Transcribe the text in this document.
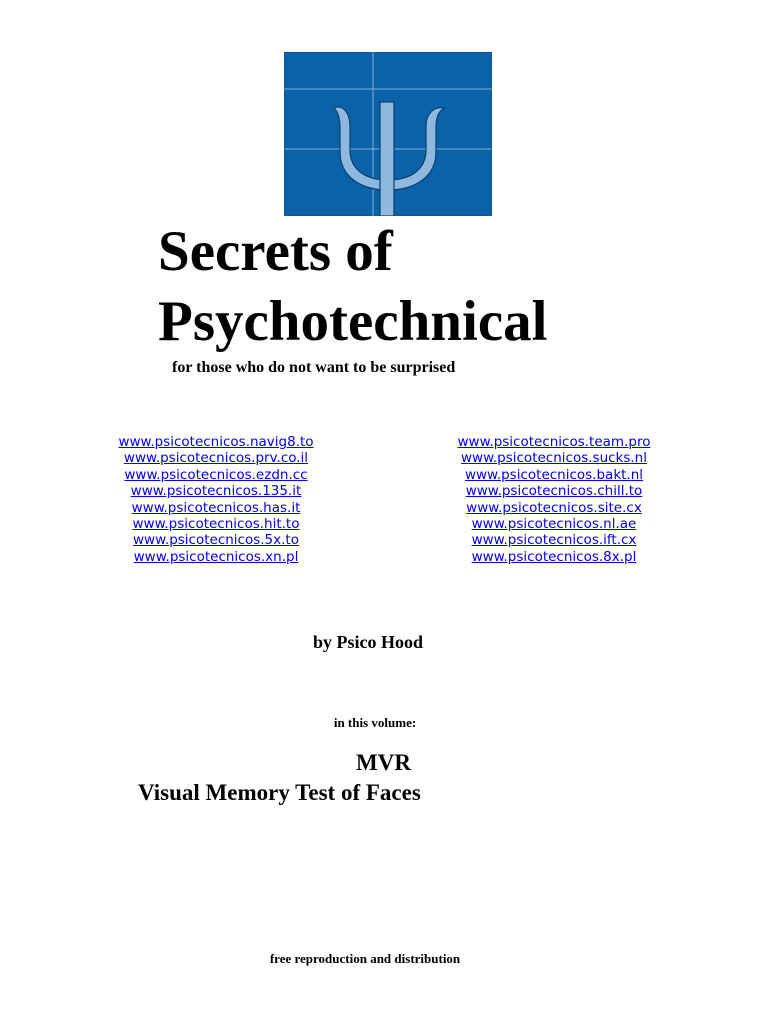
Secrets of
Psychotechnical
for those who do not want to be surprised
www.psicotecnicos.navig8.to
www.psicotecnicos.prv.co.il
www.psicotecnicos.ezdn.cc
www.psicotecnicos.135.it
www.psicotecnicos.has.it
www.psicotecnicos.hit.to
www.psicotecnicos.5x.to
www.psicotecnicos.xn.pl
www.psicotecnicos.team.pro
www.psicotecnicos.sucks.nl
www.psicotecnicos.bakt.nl
www.psicotecnicos.chill.to
www.psicotecnicos.site.cx
www.psicotecnicos.nl.ae
www.psicotecnicos.ift.cx
www.psicotecnicos.8x.pl
by Psico Hood
in this volume:
MVR
Visual Memory Test of Faces
free reproduction and distribution
